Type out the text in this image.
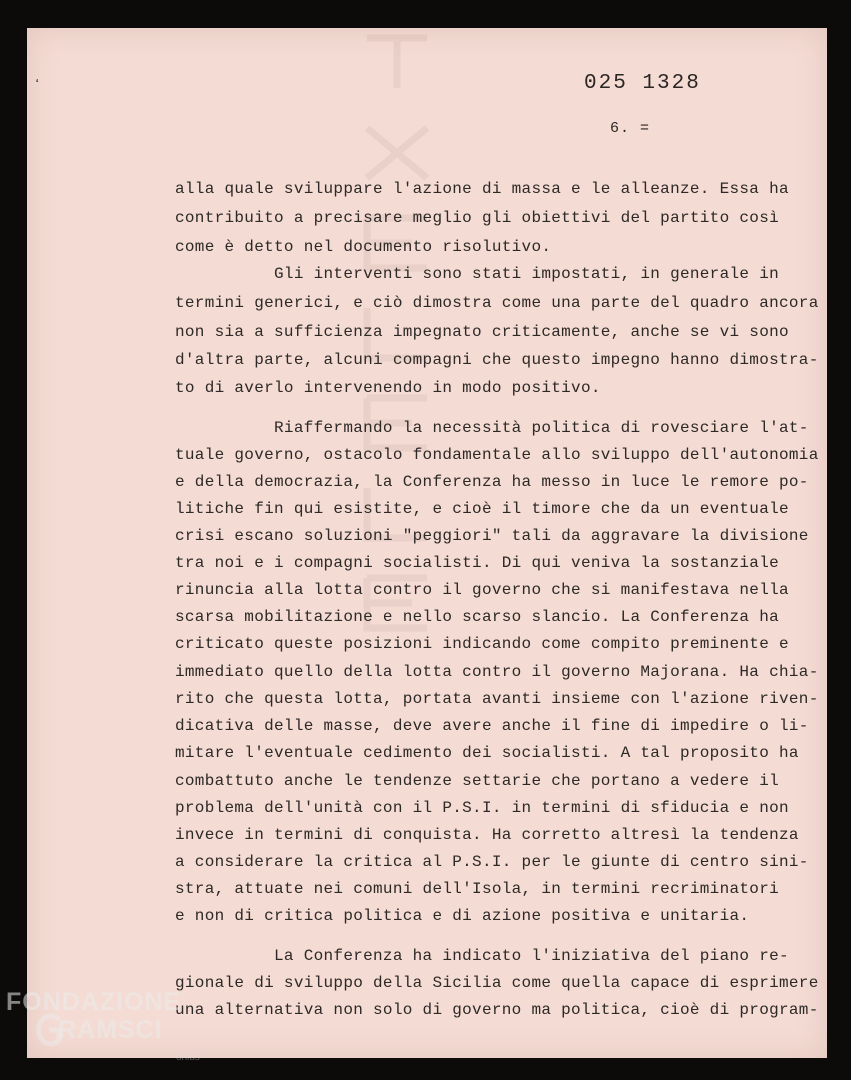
ʻ	025 1328
6. =
alla quale sviluppare l'azione di massa e le alleanze. Essa ha
contribuito a precisare meglio gli obiettivi del partito così
come è detto nel documento risolutivo.
Gli interventi sono stati impostati, in generale in
termini generici, e ciò dimostra come una parte del quadro ancora
non sia a sufficienza impegnato criticamente, anche se vi sono
d'altra parte, alcuni compagni che questo impegno hanno dimostra-
to di averlo intervenendo in modo positivo.
Riaffermando la necessità politica di rovesciare l'at-
tuale governo, ostacolo fondamentale allo sviluppo dell'autonomia
e della democrazia, la Conferenza ha messo in luce le remore po-
litiche fin qui esistite, e cioè il timore che da un eventuale
crisi escano soluzioni "peggiori" tali da aggravare la divisione
tra noi e i compagni socialisti. Di qui veniva la sostanziale
rinuncia alla lotta contro il governo che si manifestava nella
scarsa mobilitazione e nello scarso slancio. La Conferenza ha
criticato queste posizioni indicando come compito preminente e
immediato quello della lotta contro il governo Majorana. Ha chia-
rito che questa lotta, portata avanti insieme con l'azione riven-
dicativa delle masse, deve avere anche il fine di impedire o li-
mitare l'eventuale cedimento dei socialisti. A tal proposito ha
combattuto anche le tendenze settarie che portano a vedere il
problema dell'unità con il P.S.I. in termini di sfiducia e non
invece in termini di conquista. Ha corretto altresì la tendenza
a considerare la critica al P.S.I. per le giunte di centro sini-
stra, attuate nei comuni dell'Isola, in termini recriminatori
e non di critica politica e di azione positiva e unitaria.
La Conferenza ha indicato l'iniziativa del piano re-
gionale di sviluppo della Sicilia come quella capace di esprimere
una alternativa non solo di governo ma politica, cioè di program-
FONDAZIONE
RAMSCI
onlus
